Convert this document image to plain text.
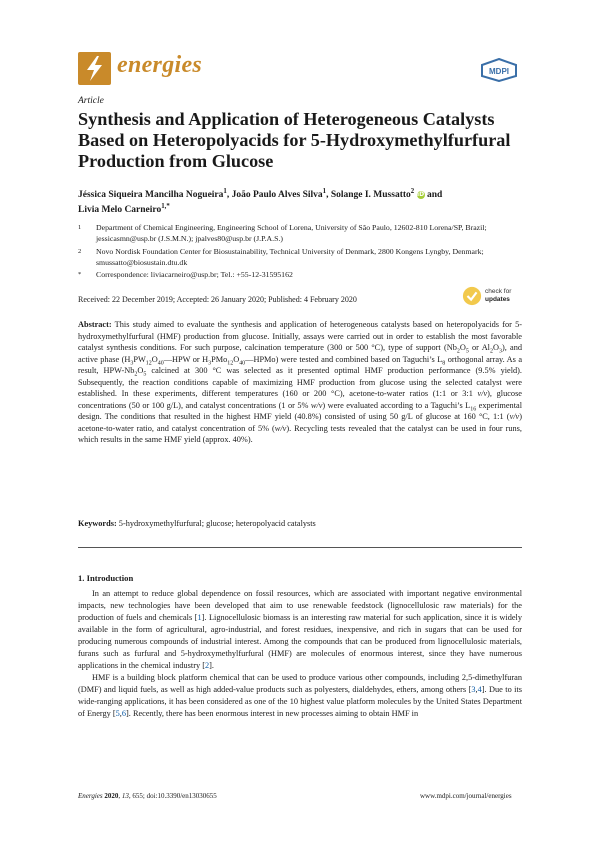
energies	MDPI
Article
Synthesis and Application of Heterogeneous Catalysts Based on Heteropolyacids for 5-Hydroxymethylfurfural Production from Glucose
Jéssica Siqueira Mancilha Nogueira$^1$, João Paulo Alves Silva$^1$, Solange I. Mussatto$^2$ iD and
Livia Melo Carneiro$^{1,*}$
1 Department of Chemical Engineering, Engineering School of Lorena, University of São Paulo, 12602-810 Lorena/SP, Brazil; jessicasmn@usp.br (J.S.M.N.); jpalves80@usp.br (J.P.A.S.)
2 Novo Nordisk Foundation Center for Biosustainability, Technical University of Denmark, 2800 Kongens Lyngby, Denmark; smussatto@biosustain.dtu.dk
* Correspondence: liviacarneiro@usp.br; Tel.: +55-12-31595162
Received: 22 December 2019; Accepted: 26 January 2020; Published: 4 February 2020
check for
updates
Abstract: This study aimed to evaluate the synthesis and application of heterogeneous catalysts based on heteropolyacids for 5-hydroxymethylfurfural (HMF) production from glucose. Initially, assays were carried out in order to establish the most favorable catalyst synthesis conditions. For such purpose, calcination temperature (300 or 500 °C), type of support ($Nb_2O_5$ or $Al_2O_3$), and active phase ($H_3PW_{12}O_{40}—HPW$ or $H_3PMo_{12}O_{40}—HPMo$) were tested and combined based on Taguchi’s $L_8$ orthogonal array. As a result, HPW-$Nb_2O_5$ calcined at 300 °C was selected as it presented optimal HMF production performance (9.5% yield). Subsequently, the reaction conditions capable of maximizing HMF production from glucose using the selected catalyst were established. In these experiments, different temperatures (160 or 200 °C), acetone-to-water ratios (1:1 or 3:1 v/v), glucose concentrations (50 or 100 g/L), and catalyst concentrations (1 or 5% w/v) were evaluated according to a Taguchi’s $L_{16}$ experimental design. The conditions that resulted in the highest HMF yield (40.8%) consisted of using 50 g/L of glucose at 160 °C, 1:1 (v/v) acetone-to-water ratio, and catalyst concentration of 5% (w/v). Recycling tests revealed that the catalyst can be used in four runs, which results in the same HMF yield (approx. 40%).
Keywords: 5-hydroxymethylfurfural; glucose; heteropolyacid catalysts
1. Introduction

In an attempt to reduce global dependence on fossil resources, which are associated with important negative environmental impacts, new technologies have been developed that aim to use renewable feedstock (lignocellulosic raw materials) for the production of fuels and chemicals [1]. Lignocellulosic biomass is an interesting raw material for such application, since it is widely available in the form of agricultural, agro-industrial, and forest residues, inexpensive, and rich in sugars that can be used for producing numerous compounds of industrial interest. Among the compounds that can be produced from lignocellulosic materials, furans such as furfural and 5-hydroxymethylfurfural (HMF) are molecules of enormous interest, since they have numerous applications in the chemical industry [2].

HMF is a building block platform chemical that can be used to produce various other compounds, including 2,5-dimethylfuran (DMF) and liquid fuels, as well as high added-value products such as polyesters, dialdehydes, ethers, among others [3,4]. Due to its wide-ranging applications, it has been considered as one of the 10 highest value platform molecules by the United States Department of Energy [5,6]. Recently, there has been enormous interest in new processes aiming to obtain HMF in

Energies 2020, 13, 655; doi:10.3390/en13030655	www.mdpi.com/journal/energies
